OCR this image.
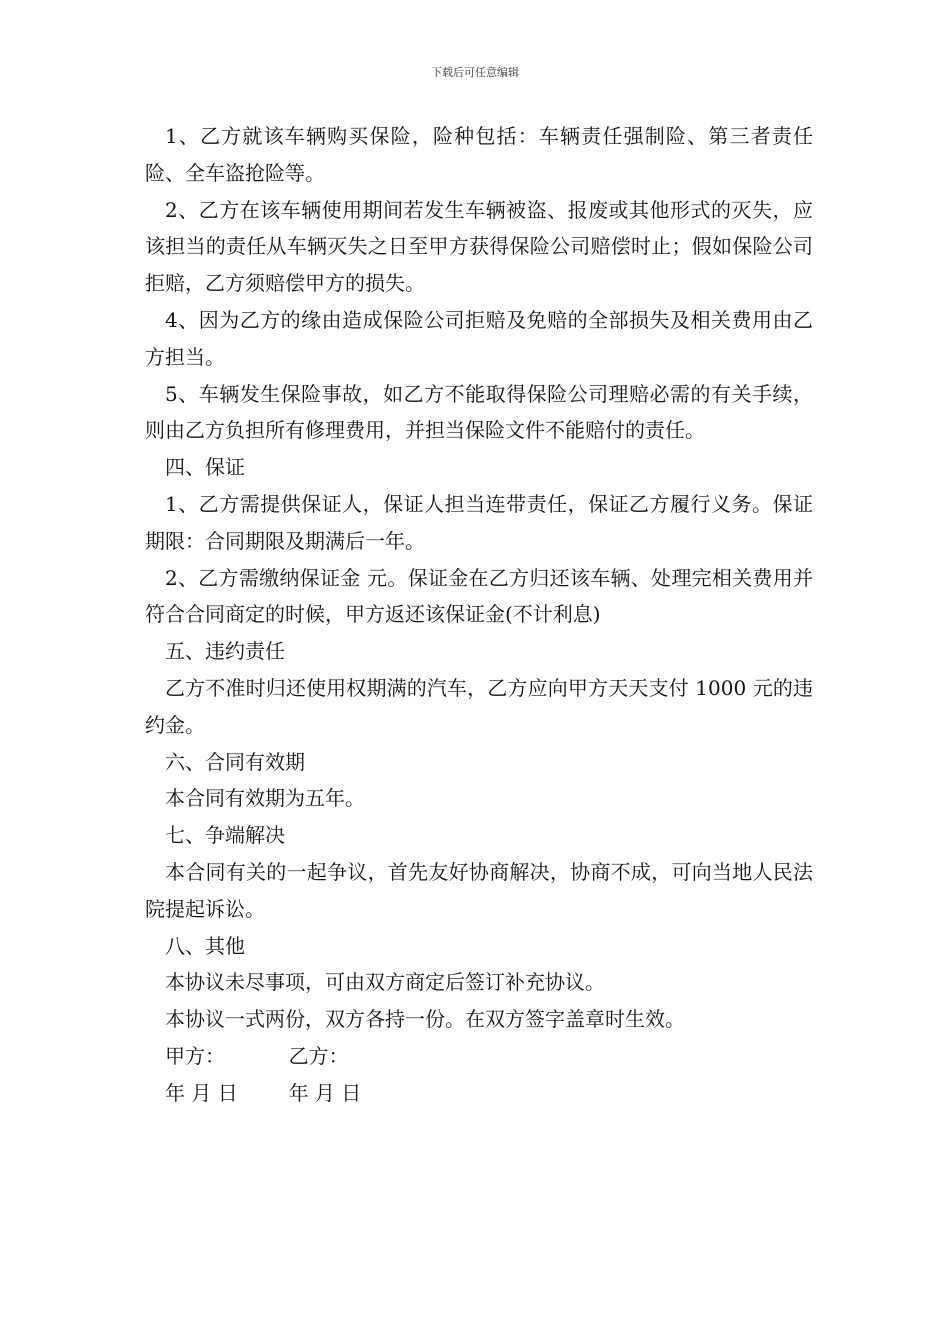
下载后可任意编辑

1、乙方就该车辆购买保险，险种包括：车辆责任强制险、第三者责任险、全车盗抢险等。

2、乙方在该车辆使用期间若发生车辆被盗、报废或其他形式的灭失，应该担当的责任从车辆灭失之日至甲方获得保险公司赔偿时止；假如保险公司拒赔，乙方须赔偿甲方的损失。

4、因为乙方的缘由造成保险公司拒赔及免赔的全部损失及相关费用由乙方担当。

5、车辆发生保险事故，如乙方不能取得保险公司理赔必需的有关手续，则由乙方负担所有修理费用，并担当保险文件不能赔付的责任。

四、保证

1、乙方需提供保证人，保证人担当连带责任，保证乙方履行义务。保证期限：合同期限及期满后一年。

2、乙方需缴纳保证金 元。保证金在乙方归还该车辆、处理完相关费用并符合合同商定的时候，甲方返还该保证金(不计利息)

五、违约责任

乙方不准时归还使用权期满的汽车，乙方应向甲方天天支付 1000 元的违约金。

六、合同有效期

本合同有效期为五年。

七、争端解决

本合同有关的一起争议，首先友好协商解决，协商不成，可向当地人民法院提起诉讼。

八、其他

本协议未尽事项，可由双方商定后签订补充协议。

本协议一式两份，双方各持一份。在双方签字盖章时生效。

甲方：          乙方：

年 月 日        年 月 日
